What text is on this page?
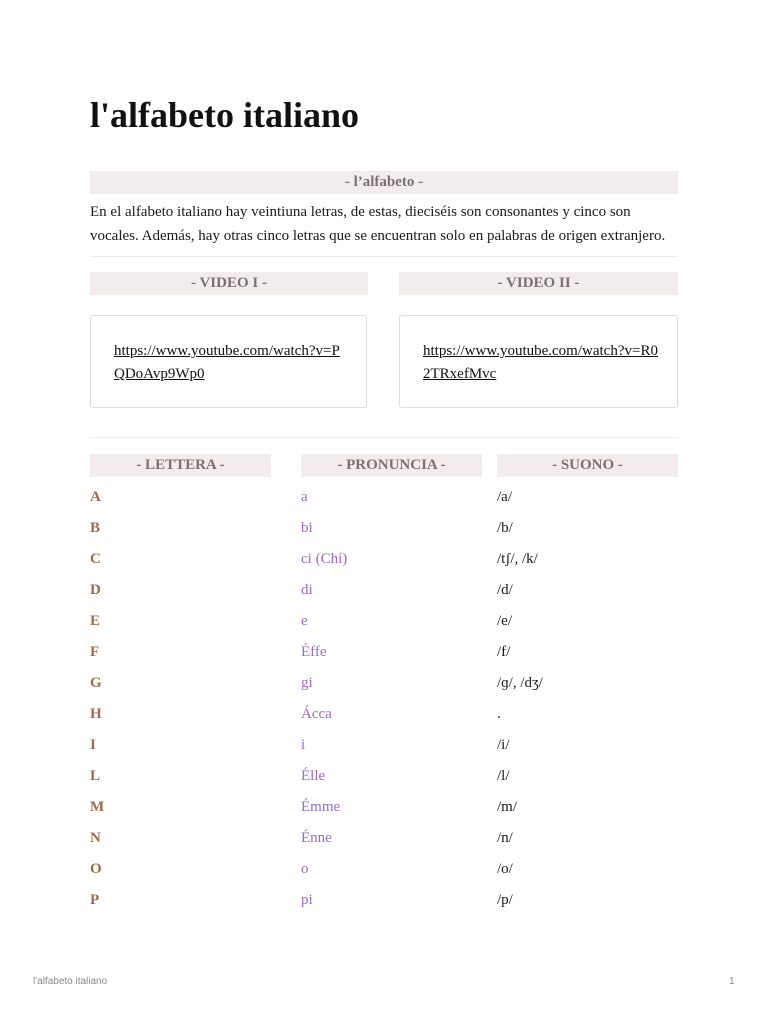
l'alfabeto italiano
- l’alfabeto -

En el alfabeto italiano hay veintiuna letras, de estas, dieciséis son consonantes y cinco son vocales. Además, hay otras cinco letras que se encuentran solo en palabras de origen extranjero.

- VIDEO I -	- VIDEO II -
https://www.youtube.com/watch?v=PQDoAvp9Wp0
https://www.youtube.com/watch?v=R02TRxefMvc
- LETTERA -	- PRONUNCIA -	- SUONO -
A	a	/a/
B	bi	/b/
C	ci (Chí)	/tʃ/, /k/
D	di	/d/
E	e	/e/
F	Éffe	/f/
G	gi	/ɡ/, /dʒ/
H	Ácca	.
I	i	/i/
L	Élle	/l/
M	Émme	/m/
N	Énne	/n/
O	o	/o/
P	pi	/p/
l'alfabeto italiano	1
